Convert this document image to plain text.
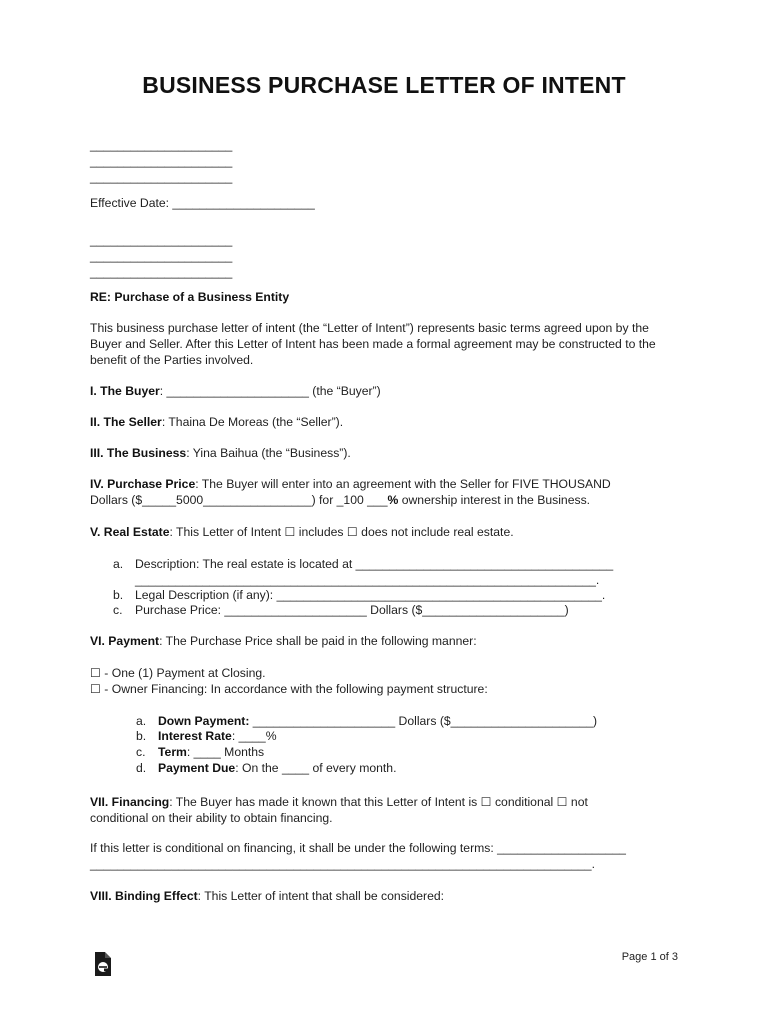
BUSINESS PURCHASE LETTER OF INTENT
_____________________
_____________________
_____________________
Effective Date: _____________________
_____________________
_____________________
_____________________
RE: Purchase of a Business Entity
This business purchase letter of intent (the “Letter of Intent”) represents basic terms agreed upon by the Buyer and Seller. After this Letter of Intent has been made a formal agreement may be constructed to the benefit of the Parties involved.
I. The Buyer: _____________________ (the “Buyer”)
II. The Seller: Thaina De Moreas (the “Seller”).
III. The Business: Yina Baihua (the “Business”).
IV. Purchase Price: The Buyer will enter into an agreement with the Seller for FIVE THOUSAND
Dollars ($_____5000________________) for _100 ___% ownership interest in the Business.
V. Real Estate: This Letter of Intent ☐ includes ☐ does not include real estate.
a. Description: The real estate is located at ______________________________________
____________________________________________________________________.
b. Legal Description (if any): ________________________________________________.
c. Purchase Price: _____________________ Dollars ($_____________________)
VI. Payment: The Purchase Price shall be paid in the following manner:
☐ - One (1) Payment at Closing.
☐ - Owner Financing: In accordance with the following payment structure:
a. Down Payment: _____________________ Dollars ($_____________________)
b. Interest Rate: ____%
c. Term: ____ Months
d. Payment Due: On the ____ of every month.
VII. Financing: The Buyer has made it known that this Letter of Intent is ☐ conditional ☐ not
conditional on their ability to obtain financing.
If this letter is conditional on financing, it shall be under the following terms: ___________________
__________________________________________________________________________.
VIII. Binding Effect: This Letter of intent that shall be considered:
Page 1 of 3
